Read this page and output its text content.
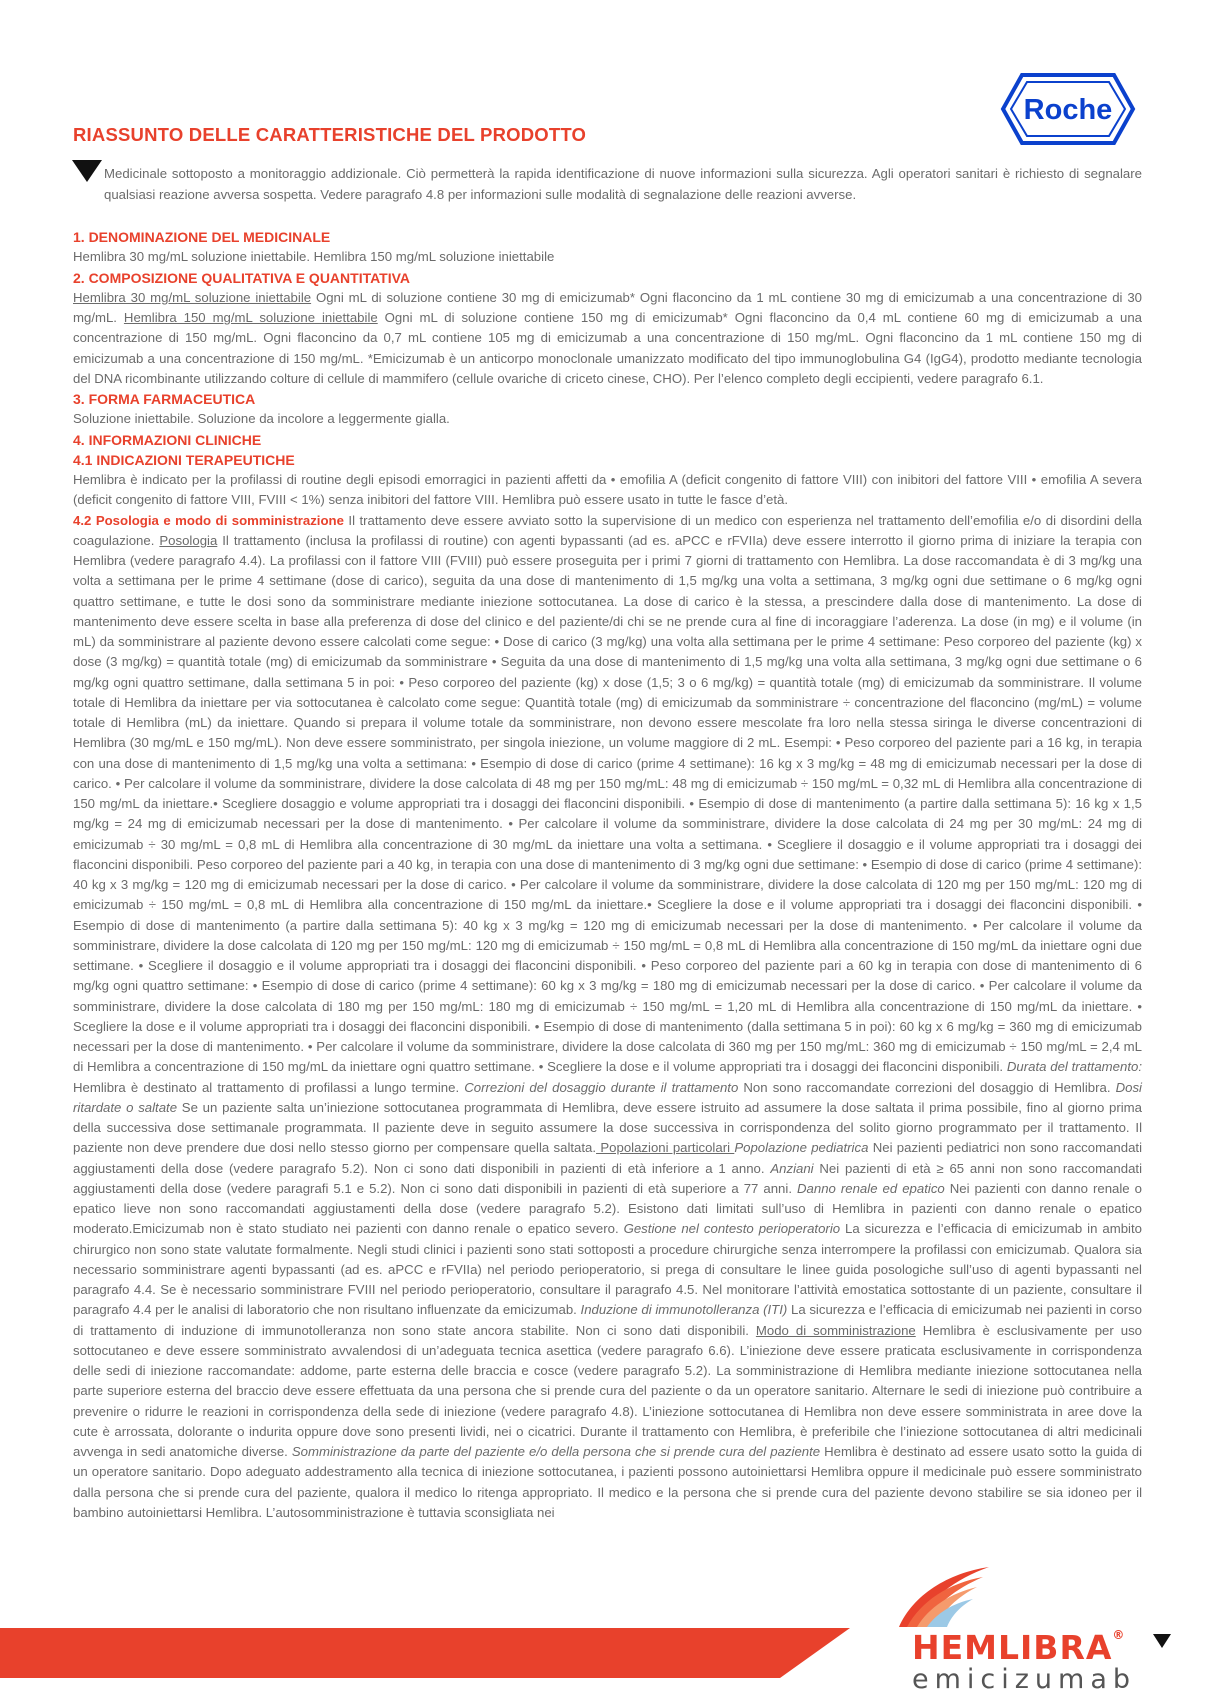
Roche
RIASSUNTO DELLE CARATTERISTICHE DEL PRODOTTO

Medicinale sottoposto a monitoraggio addizionale. Ciò permetterà la rapida identificazione di nuove informazioni sulla sicurezza. Agli operatori sanitari è richiesto di segnalare qualsiasi reazione avversa sospetta. Vedere paragrafo 4.8 per informazioni sulle modalità di segnalazione delle reazioni avverse.

1. DENOMINAZIONE DEL MEDICINALE

Hemlibra 30 mg/mL soluzione iniettabile. Hemlibra 150 mg/mL soluzione iniettabile

2. COMPOSIZIONE QUALITATIVA E QUANTITATIVA

Hemlibra 30 mg/mL soluzione iniettabile Ogni mL di soluzione contiene 30 mg di emicizumab* Ogni flaconcino da 1 mL contiene 30 mg di emicizumab a una concentrazione di 30 mg/mL. Hemlibra 150 mg/mL soluzione iniettabile Ogni mL di soluzione contiene 150 mg di emicizumab* Ogni flaconcino da 0,4 mL contiene 60 mg di emicizumab a una concentrazione di 150 mg/mL. Ogni flaconcino da 0,7 mL contiene 105 mg di emicizumab a una concentrazione di 150 mg/mL. Ogni flaconcino da 1 mL contiene 150 mg di emicizumab a una concentrazione di 150 mg/mL. *Emicizumab è un anticorpo monoclonale umanizzato modificato del tipo immunoglobulina G4 (IgG4), prodotto mediante tecnologia del DNA ricombinante utilizzando colture di cellule di mammifero (cellule ovariche di criceto cinese, CHO). Per l’elenco completo degli eccipienti, vedere paragrafo 6.1.

3. FORMA FARMACEUTICA

Soluzione iniettabile. Soluzione da incolore a leggermente gialla.

4. INFORMAZIONI CLINICHE

4.1 INDICAZIONI TERAPEUTICHE

Hemlibra è indicato per la profilassi di routine degli episodi emorragici in pazienti affetti da • emofilia A (deficit congenito di fattore VIII) con inibitori del fattore VIII • emofilia A severa (deficit congenito di fattore VIII, FVIII < 1%) senza inibitori del fattore VIII. Hemlibra può essere usato in tutte le fasce d’età.

4.2 Posologia e modo di somministrazione Il trattamento deve essere avviato sotto la supervisione di un medico con esperienza nel trattamento dell’emofilia e/o di disordini della coagulazione. Posologia Il trattamento (inclusa la profilassi di routine) con agenti bypassanti (ad es. aPCC e rFVIIa) deve essere interrotto il giorno prima di iniziare la terapia con Hemlibra (vedere paragrafo 4.4). La profilassi con il fattore VIII (FVIII) può essere proseguita per i primi 7 giorni di trattamento con Hemlibra. La dose raccomandata è di 3 mg/kg una volta a settimana per le prime 4 settimane (dose di carico), seguita da una dose di mantenimento di 1,5 mg/kg una volta a settimana, 3 mg/kg ogni due settimane o 6 mg/kg ogni quattro settimane, e tutte le dosi sono da somministrare mediante iniezione sottocutanea. La dose di carico è la stessa, a prescindere dalla dose di mantenimento. La dose di mantenimento deve essere scelta in base alla preferenza di dose del clinico e del paziente/di chi se ne prende cura al fine di incoraggiare l’aderenza. La dose (in mg) e il volume (in mL) da somministrare al paziente devono essere calcolati come segue: • Dose di carico (3 mg/kg) una volta alla settimana per le prime 4 settimane: Peso corporeo del paziente (kg) x dose (3 mg/kg) = quantità totale (mg) di emicizumab da somministrare • Seguita da una dose di mantenimento di 1,5 mg/kg una volta alla settimana, 3 mg/kg ogni due settimane o 6 mg/kg ogni quattro settimane, dalla settimana 5 in poi: • Peso corporeo del paziente (kg) x dose (1,5; 3 o 6 mg/kg) = quantità totale (mg) di emicizumab da somministrare. Il volume totale di Hemlibra da iniettare per via sottocutanea è calcolato come segue: Quantità totale (mg) di emicizumab da somministrare ÷ concentrazione del flaconcino (mg/mL) = volume totale di Hemlibra (mL) da iniettare. Quando si prepara il volume totale da somministrare, non devono essere mescolate fra loro nella stessa siringa le diverse concentrazioni di Hemlibra (30 mg/mL e 150 mg/mL). Non deve essere somministrato, per singola iniezione, un volume maggiore di 2 mL. Esempi: • Peso corporeo del paziente pari a 16 kg, in terapia con una dose di mantenimento di 1,5 mg/kg una volta a settimana: • Esempio di dose di carico (prime 4 settimane): 16 kg x 3 mg/kg = 48 mg di emicizumab necessari per la dose di carico. • Per calcolare il volume da somministrare, dividere la dose calcolata di 48 mg per 150 mg/mL: 48 mg di emicizumab ÷ 150 mg/mL = 0,32 mL di Hemlibra alla concentrazione di 150 mg/mL da iniettare.• Scegliere dosaggio e volume appropriati tra i dosaggi dei flaconcini disponibili. • Esempio di dose di mantenimento (a partire dalla settimana 5): 16 kg x 1,5 mg/kg = 24 mg di emicizumab necessari per la dose di mantenimento. • Per calcolare il volume da somministrare, dividere la dose calcolata di 24 mg per 30 mg/mL: 24 mg di emicizumab ÷ 30 mg/mL = 0,8 mL di Hemlibra alla concentrazione di 30 mg/mL da iniettare una volta a settimana. • Scegliere il dosaggio e il volume appropriati tra i dosaggi dei flaconcini disponibili. Peso corporeo del paziente pari a 40 kg, in terapia con una dose di mantenimento di 3 mg/kg ogni due settimane: • Esempio di dose di carico (prime 4 settimane): 40 kg x 3 mg/kg = 120 mg di emicizumab necessari per la dose di carico. • Per calcolare il volume da somministrare, dividere la dose calcolata di 120 mg per 150 mg/mL: 120 mg di emicizumab ÷ 150 mg/mL = 0,8 mL di Hemlibra alla concentrazione di 150 mg/mL da iniettare.• Scegliere la dose e il volume appropriati tra i dosaggi dei flaconcini disponibili. • Esempio di dose di mantenimento (a partire dalla settimana 5): 40 kg x 3 mg/kg = 120 mg di emicizumab necessari per la dose di mantenimento. • Per calcolare il volume da somministrare, dividere la dose calcolata di 120 mg per 150 mg/mL: 120 mg di emicizumab ÷ 150 mg/mL = 0,8 mL di Hemlibra alla concentrazione di 150 mg/mL da iniettare ogni due settimane. • Scegliere il dosaggio e il volume appropriati tra i dosaggi dei flaconcini disponibili. • Peso corporeo del paziente pari a 60 kg in terapia con dose di mantenimento di 6 mg/kg ogni quattro settimane: • Esempio di dose di carico (prime 4 settimane): 60 kg x 3 mg/kg = 180 mg di emicizumab necessari per la dose di carico. • Per calcolare il volume da somministrare, dividere la dose calcolata di 180 mg per 150 mg/mL: 180 mg di emicizumab ÷ 150 mg/mL = 1,20 mL di Hemlibra alla concentrazione di 150 mg/mL da iniettare. • Scegliere la dose e il volume appropriati tra i dosaggi dei flaconcini disponibili. • Esempio di dose di mantenimento (dalla settimana 5 in poi): 60 kg x 6 mg/kg = 360 mg di emicizumab necessari per la dose di mantenimento. • Per calcolare il volume da somministrare, dividere la dose calcolata di 360 mg per 150 mg/mL: 360 mg di emicizumab ÷ 150 mg/mL = 2,4 mL di Hemlibra a concentrazione di 150 mg/mL da iniettare ogni quattro settimane. • Scegliere la dose e il volume appropriati tra i dosaggi dei flaconcini disponibili. Durata del trattamento: Hemlibra è destinato al trattamento di profilassi a lungo termine. Correzioni del dosaggio durante il trattamento Non sono raccomandate correzioni del dosaggio di Hemlibra. Dosi ritardate o saltate Se un paziente salta un’iniezione sottocutanea programmata di Hemlibra, deve essere istruito ad assumere la dose saltata il prima possibile, fino al giorno prima della successiva dose settimanale programmata. Il paziente deve in seguito assumere la dose successiva in corrispondenza del solito giorno programmato per il trattamento. Il paziente non deve prendere due dosi nello stesso giorno per compensare quella saltata. Popolazioni particolari Popolazione pediatrica Nei pazienti pediatrici non sono raccomandati aggiustamenti della dose (vedere paragrafo 5.2). Non ci sono dati disponibili in pazienti di età inferiore a 1 anno. Anziani Nei pazienti di età ≥ 65 anni non sono raccomandati aggiustamenti della dose (vedere paragrafi 5.1 e 5.2). Non ci sono dati disponibili in pazienti di età superiore a 77 anni. Danno renale ed epatico Nei pazienti con danno renale o epatico lieve non sono raccomandati aggiustamenti della dose (vedere paragrafo 5.2). Esistono dati limitati sull’uso di Hemlibra in pazienti con danno renale o epatico moderato.Emicizumab non è stato studiato nei pazienti con danno renale o epatico severo. Gestione nel contesto perioperatorio La sicurezza e l’efficacia di emicizumab in ambito chirurgico non sono state valutate formalmente. Negli studi clinici i pazienti sono stati sottoposti a procedure chirurgiche senza interrompere la profilassi con emicizumab. Qualora sia necessario somministrare agenti bypassanti (ad es. aPCC e rFVIIa) nel periodo perioperatorio, si prega di consultare le linee guida posologiche sull’uso di agenti bypassanti nel paragrafo 4.4. Se è necessario somministrare FVIII nel periodo perioperatorio, consultare il paragrafo 4.5. Nel monitorare l’attività emostatica sottostante di un paziente, consultare il paragrafo 4.4 per le analisi di laboratorio che non risultano influenzate da emicizumab. Induzione di immunotolleranza (ITI) La sicurezza e l’efficacia di emicizumab nei pazienti in corso di trattamento di induzione di immunotolleranza non sono state ancora stabilite. Non ci sono dati disponibili. Modo di somministrazione Hemlibra è esclusivamente per uso sottocutaneo e deve essere somministrato avvalendosi di un’adeguata tecnica asettica (vedere paragrafo 6.6). L’iniezione deve essere praticata esclusivamente in corrispondenza delle sedi di iniezione raccomandate: addome, parte esterna delle braccia e cosce (vedere paragrafo 5.2). La somministrazione di Hemlibra mediante iniezione sottocutanea nella parte superiore esterna del braccio deve essere effettuata da una persona che si prende cura del paziente o da un operatore sanitario. Alternare le sedi di iniezione può contribuire a prevenire o ridurre le reazioni in corrispondenza della sede di iniezione (vedere paragrafo 4.8). L’iniezione sottocutanea di Hemlibra non deve essere somministrata in aree dove la cute è arrossata, dolorante o indurita oppure dove sono presenti lividi, nei o cicatrici. Durante il trattamento con Hemlibra, è preferibile che l’iniezione sottocutanea di altri medicinali avvenga in sedi anatomiche diverse. Somministrazione da parte del paziente e/o della persona che si prende cura del paziente Hemlibra è destinato ad essere usato sotto la guida di un operatore sanitario. Dopo adeguato addestramento alla tecnica di iniezione sottocutanea, i pazienti possono autoiniettarsi Hemlibra oppure il medicinale può essere somministrato dalla persona che si prende cura del paziente, qualora il medico lo ritenga appropriato. Il medico e la persona che si prende cura del paziente devono stabilire se sia idoneo per il bambino autoiniettarsi Hemlibra. L’autosomministrazione è tuttavia sconsigliata nei

HEMLIBRA®

emicizumab
